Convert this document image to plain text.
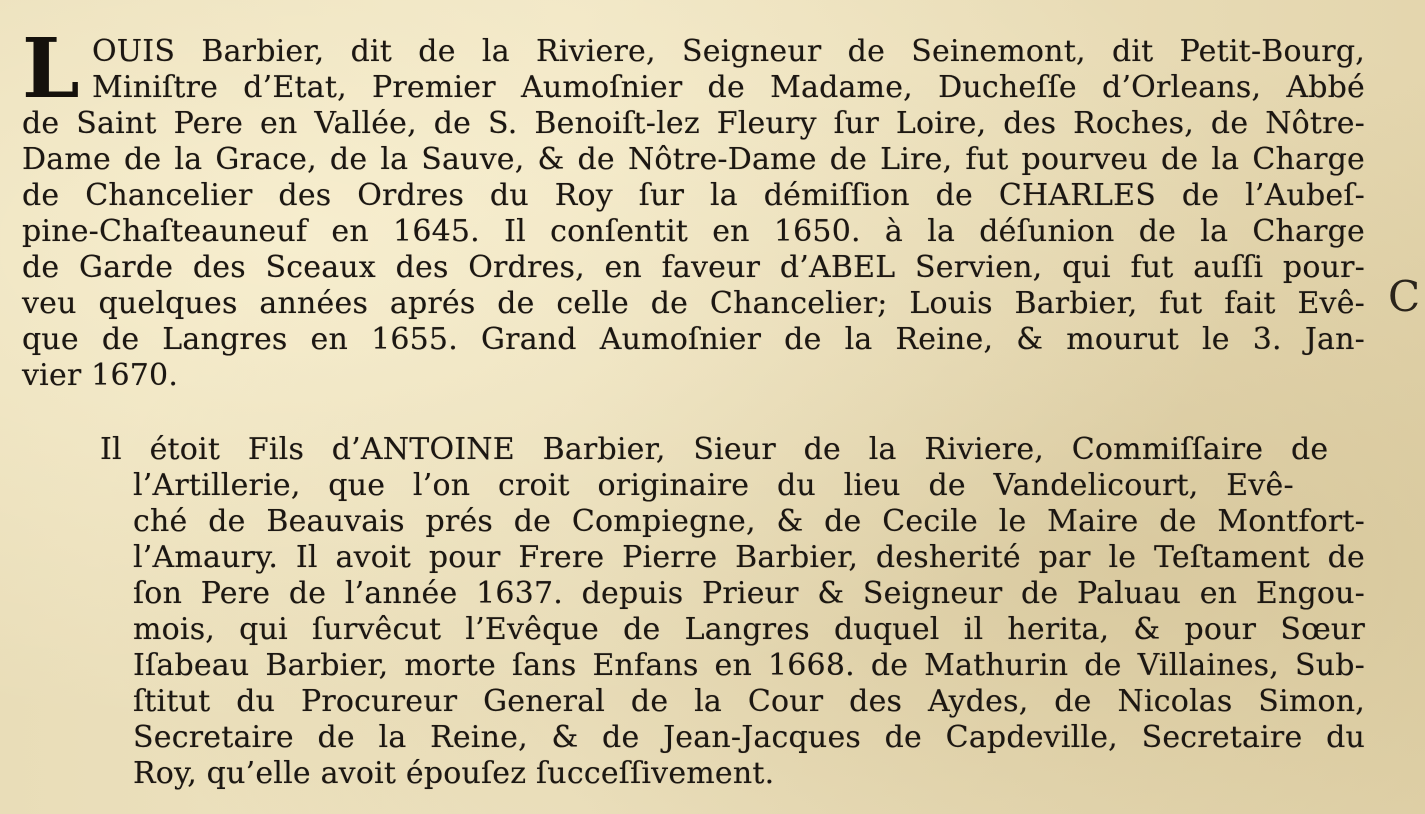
L OUIS Barbier, dit de la Riviere, Seigneur de Seinemont, dit Petit-Bourg,
Miniſtre d’Etat, Premier Aumoſnier de Madame, Ducheſſe d’Orleans, Abbé
de Saint Pere en Vallée, de S. Benoiſt-lez Fleury ſur Loire, des Roches, de Nôtre-
Dame de la Grace, de la Sauve, & de Nôtre-Dame de Lire, fut pourveu de la Charge
de Chancelier des Ordres du Roy ſur la démiſſion de CHARLES de l’Aubeſ-
pine-Chaſteauneuf en 1645. Il conſentit en 1650. à la déſunion de la Charge
de Garde des Sceaux des Ordres, en faveur d’ABEL Servien, qui fut auſſi pour-
veu quelques années aprés de celle de Chancelier; Louis Barbier, fut fait Evê-
que de Langres en 1655. Grand Aumoſnier de la Reine, & mourut le 3. Jan-
vier 1670.
C
Il étoit Fils d’ANTOINE Barbier, Sieur de la Riviere, Commiſſaire de
l’Artillerie, que l’on croit originaire du lieu de Vandelicourt, Evê-
ché de Beauvais prés de Compiegne, & de Cecile le Maire de Montfort-
l’Amaury. Il avoit pour Frere Pierre Barbier, desherité par le Teſtament de
ſon Pere de l’année 1637. depuis Prieur & Seigneur de Paluau en Engou-
mois, qui ſurvêcut l’Evêque de Langres duquel il herita, & pour Sœur
Iſabeau Barbier, morte ſans Enfans en 1668. de Mathurin de Villaines, Sub-
ſtitut du Procureur General de la Cour des Aydes, de Nicolas Simon,
Secretaire de la Reine, & de Jean-Jacques de Capdeville, Secretaire du
Roy, qu’elle avoit épouſez ſucceſſivement.
